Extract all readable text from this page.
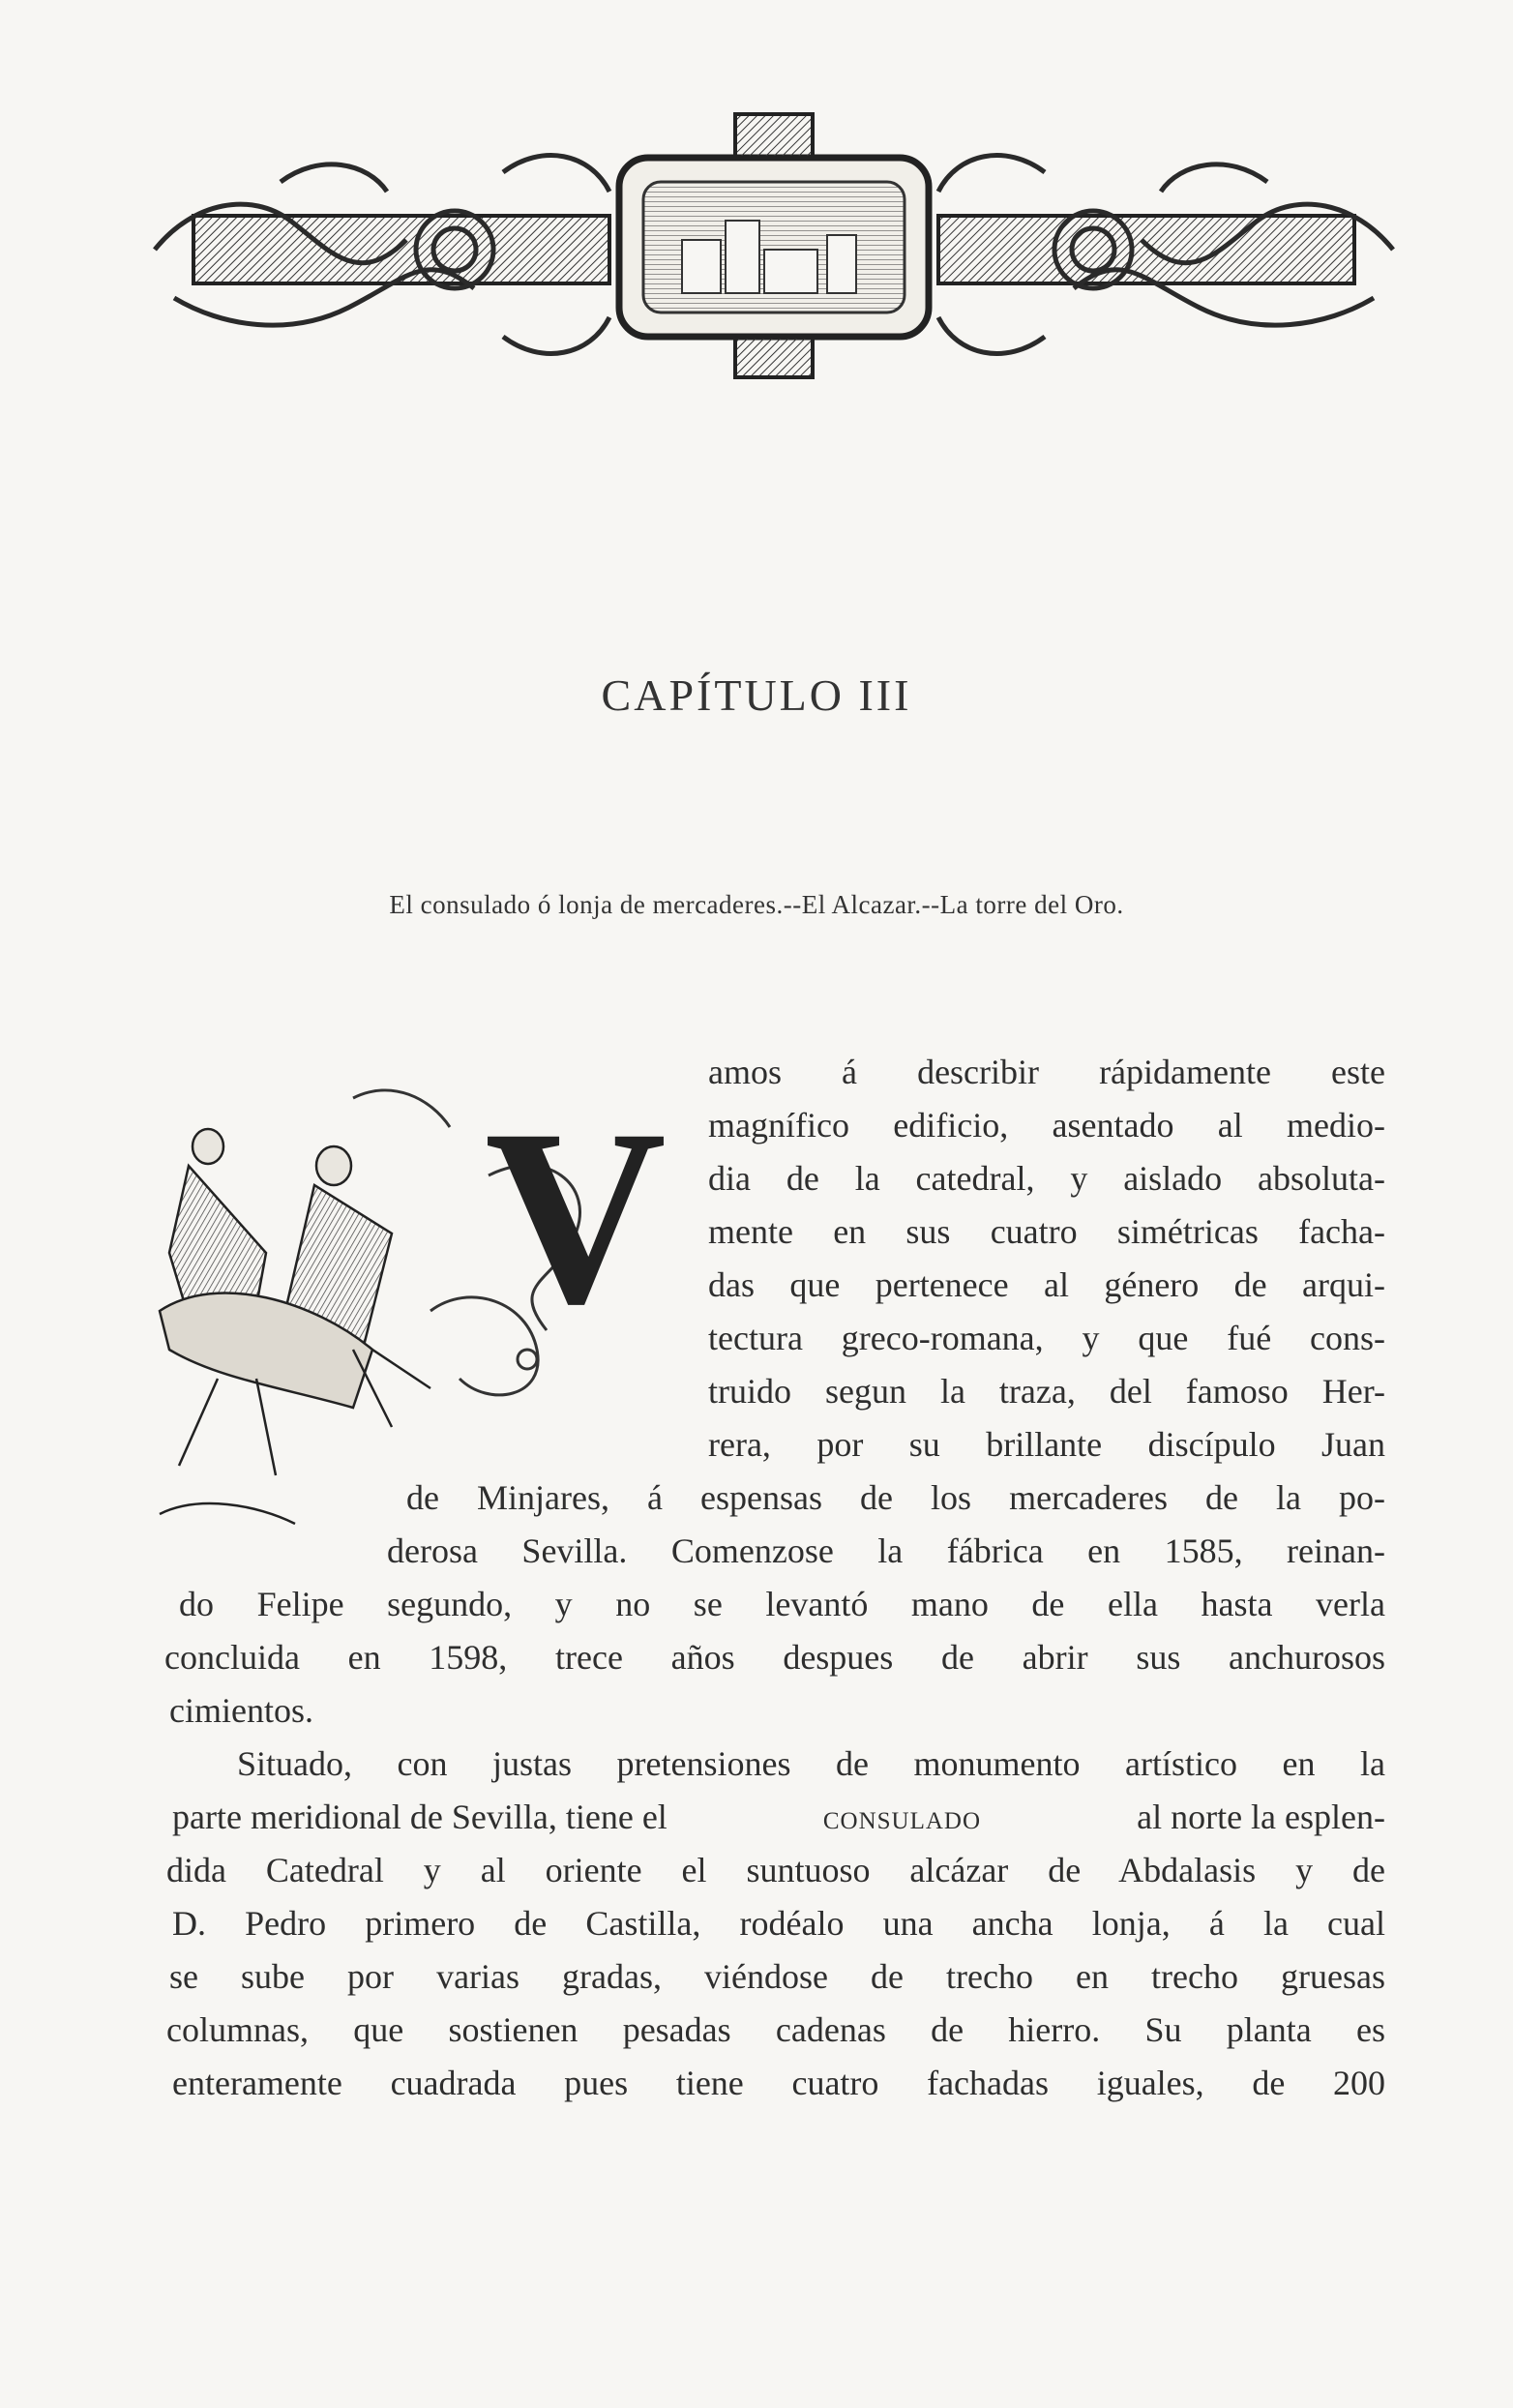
CAPÍTULO III
El consulado ó lonja de mercaderes.--El Alcazar.--La torre del Oro.
V
amos á describir rápidamente este
magnífico edificio, asentado al medio-
dia de la catedral, y aislado absoluta-
mente en sus cuatro simétricas facha-
das que pertenece al género de arqui-
tectura greco-romana, y que fué cons-
truido segun la traza, del famoso Her-
rera, por su brillante discípulo Juan
de Minjares, á espensas de los mercaderes de la po-
derosa Sevilla. Comenzose la fábrica en 1585, reinan-
do Felipe segundo, y no se levantó mano de ella hasta verla
concluida en 1598, trece años despues de abrir sus anchurosos
cimientos.
Situado, con justas pretensiones de monumento artístico en la
parte meridional de Sevilla, tiene el	consulado	al norte la esplen-
dida Catedral y al oriente el suntuoso alcázar de Abdalasis y de
D. Pedro primero de Castilla, rodéalo una ancha lonja, á la cual
se sube por varias gradas, viéndose de trecho en trecho gruesas
columnas, que sostienen pesadas cadenas de hierro. Su planta es
enteramente cuadrada pues tiene cuatro fachadas iguales, de 200
